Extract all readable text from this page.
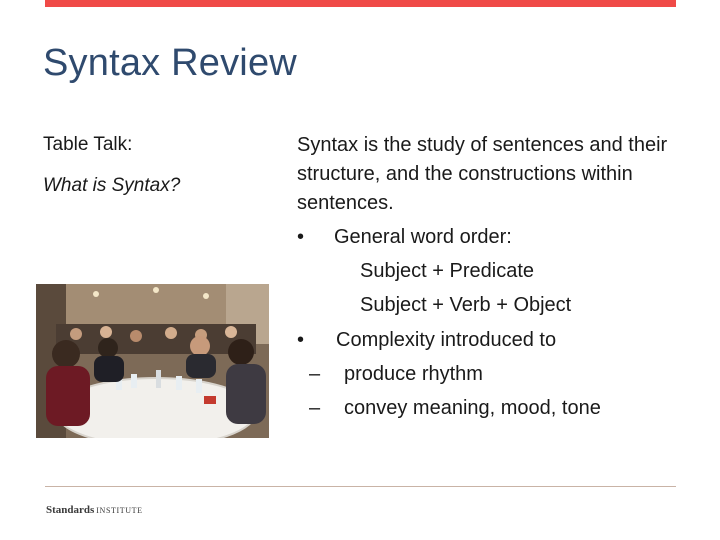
Syntax Review

Table Talk:

What is Syntax?

Syntax is the study of sentences and their structure, and the constructions within sentences.

• General word order:
Subject + Predicate
Subject + Verb + Object
• Complexity introduced to
– produce rhythm
– convey meaning, mood, tone
Standards INSTITUTE
